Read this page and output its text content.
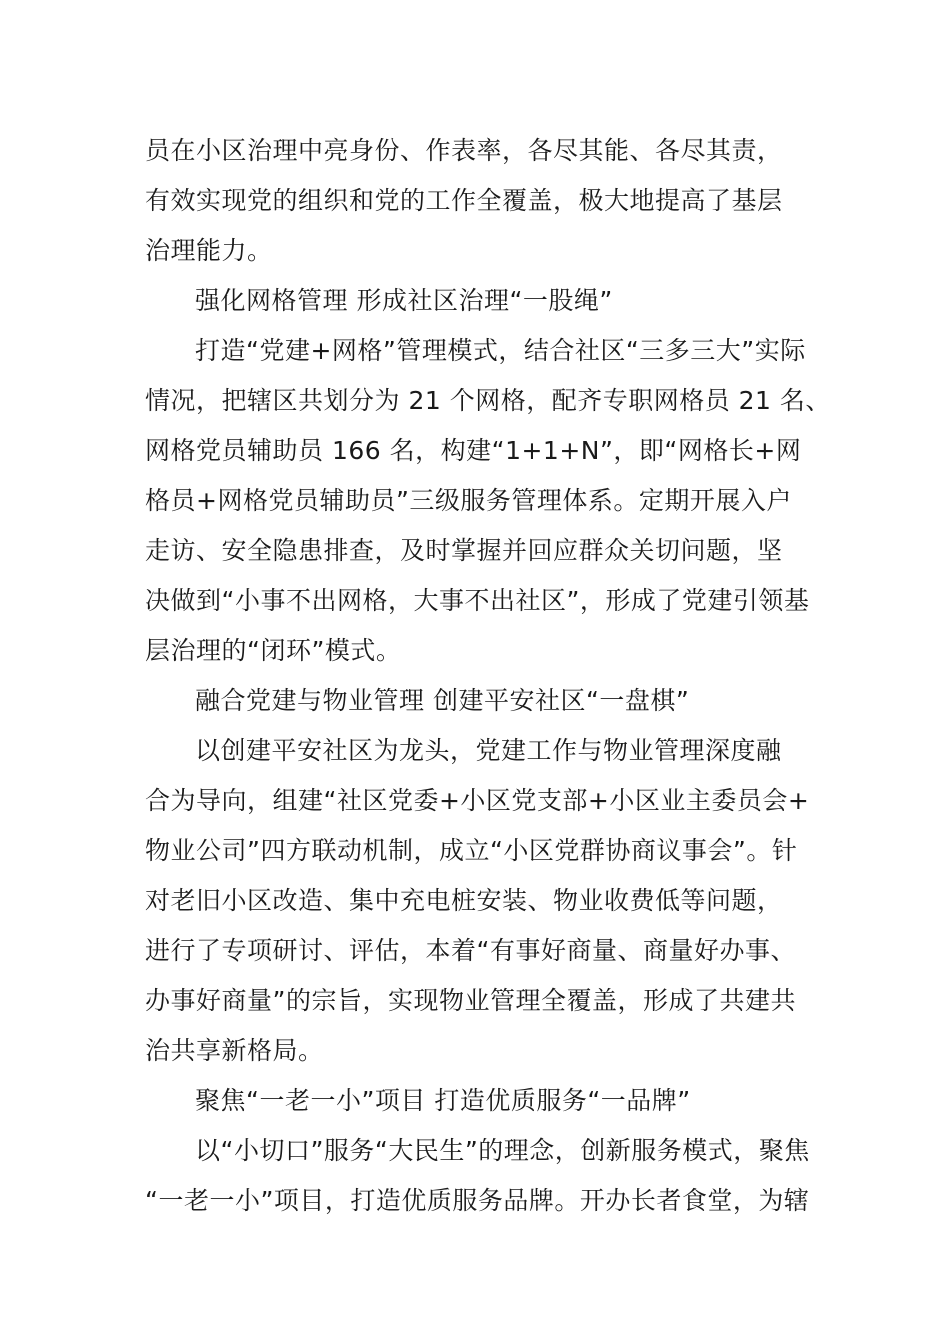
员在小区治理中亮身份、作表率，各尽其能、各尽其责，
有效实现党的组织和党的工作全覆盖，极大地提高了基层
治理能力。
强化网格管理 形成社区治理“一股绳”
打造“党建+网格”管理模式，结合社区“三多三大”实际
情况，把辖区共划分为 21 个网格，配齐专职网格员 21 名、
网格党员辅助员 166 名，构建“1+1+N”，即“网格长+网
格员+网格党员辅助员”三级服务管理体系。定期开展入户
走访、安全隐患排查，及时掌握并回应群众关切问题，坚
决做到“小事不出网格，大事不出社区”，形成了党建引领基
层治理的“闭环”模式。
融合党建与物业管理 创建平安社区“一盘棋”
以创建平安社区为龙头，党建工作与物业管理深度融
合为导向，组建“社区党委+小区党支部+小区业主委员会+
物业公司”四方联动机制，成立“小区党群协商议事会”。针
对老旧小区改造、集中充电桩安装、物业收费低等问题，
进行了专项研讨、评估，本着“有事好商量、商量好办事、
办事好商量”的宗旨，实现物业管理全覆盖，形成了共建共
治共享新格局。
聚焦“一老一小”项目 打造优质服务“一品牌”
以“小切口”服务“大民生”的理念，创新服务模式，聚焦
“一老一小”项目，打造优质服务品牌。开办长者食堂，为辖
